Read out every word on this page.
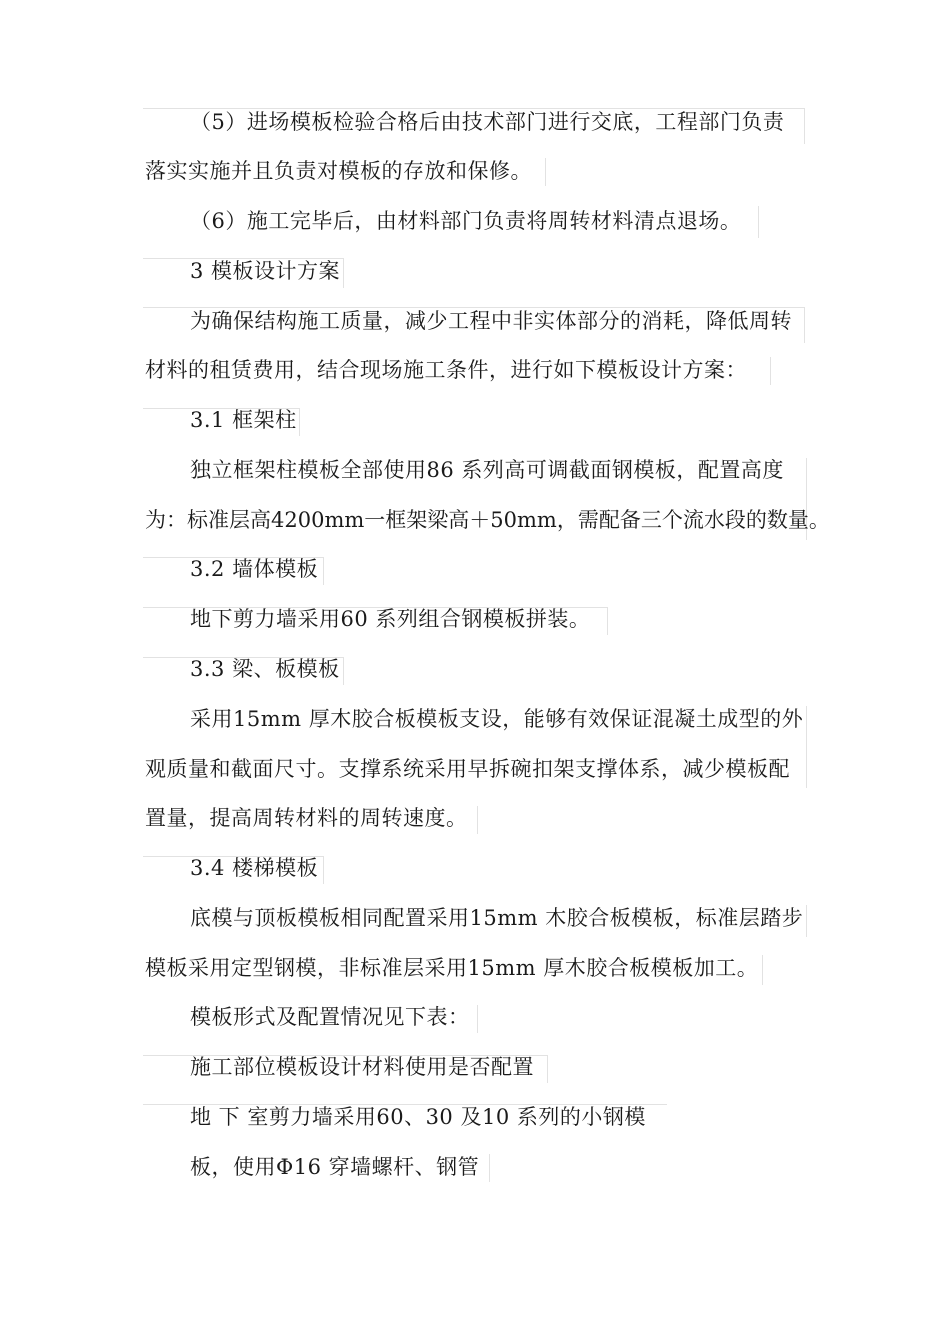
（5）进场模板检验合格后由技术部门进行交底，工程部门负责
落实实施并且负责对模板的存放和保修。
（6）施工完毕后，由材料部门负责将周转材料清点退场。
3 模板设计方案
为确保结构施工质量，减少工程中非实体部分的消耗，降低周转
材料的租赁费用，结合现场施工条件，进行如下模板设计方案：
3.1 框架柱
独立框架柱模板全部使用86 系列高可调截面钢模板，配置高度
为：标准层高4200mm一框架梁高＋50mm，需配备三个流水段的数量。
3.2 墙体模板
地下剪力墙采用60 系列组合钢模板拼装。
3.3 梁、板模板
采用15mm 厚木胶合板模板支设，能够有效保证混凝土成型的外
观质量和截面尺寸。支撑系统采用早拆碗扣架支撑体系，减少模板配
置量，提高周转材料的周转速度。
3.4 楼梯模板
底模与顶板模板相同配置采用15mm 木胶合板模板，标准层踏步
模板采用定型钢模，非标准层采用15mm 厚木胶合板模板加工。
模板形式及配置情况见下表：
施工部位模板设计材料使用是否配置
地 下 室剪力墙采用60、30 及10 系列的小钢模
板，使用Φ16 穿墙螺杆、钢管
